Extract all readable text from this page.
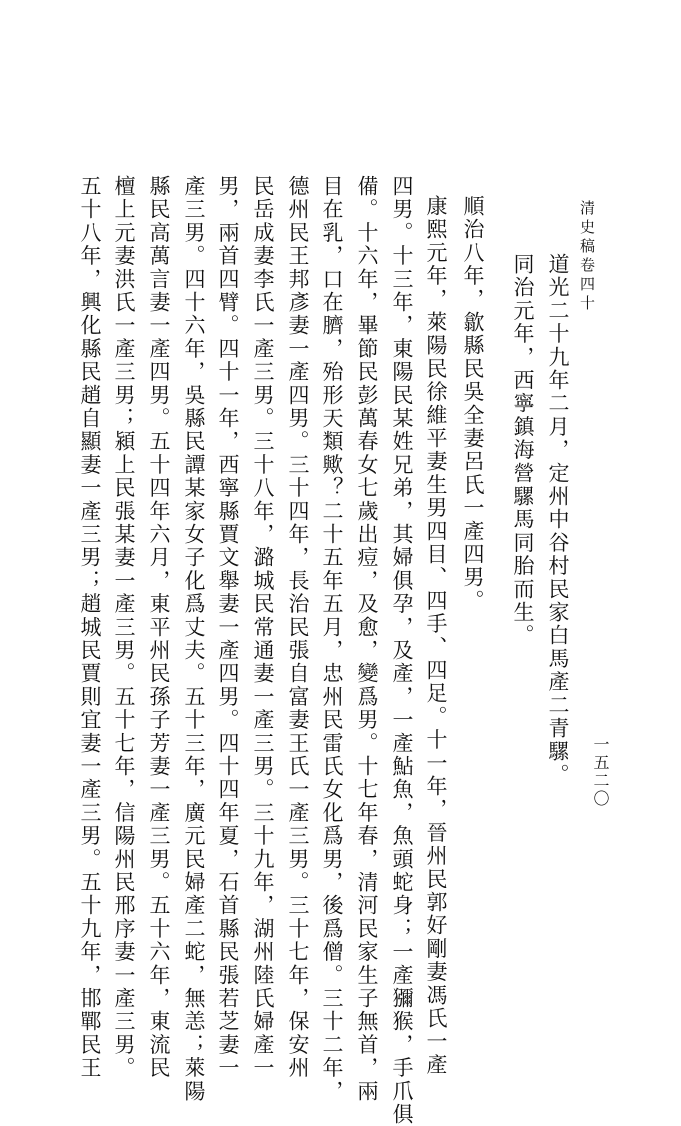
清史稿卷四十
一五二〇
道光二十九年二月，定州中谷村民家白馬產二青騾。
同治元年，西寧鎮海營騾馬同胎而生。
順治八年，歙縣民吳全妻呂氏一產四男。
康熙元年，萊陽民徐維平妻生男四目、四手、四足。十一年，晉州民郭好剛妻馮氏一產
四男。十三年，東陽民某姓兄弟，其婦俱孕，及產，一產鮎魚，魚頭蛇身；一產獼猴，手爪俱
備。十六年，畢節民彭萬春女七歲出痘，及愈，變爲男。十七年春，清河民家生子無首，兩
目在乳，口在臍，殆形天類歟？二十五年五月，忠州民雷氏女化爲男，後爲僧。三十二年，
德州民王邦彥妻一產四男。三十四年，長治民張自富妻王氏一產三男。三十七年，保安州
民岳成妻李氏一產三男。三十八年，潞城民常通妻一產三男。三十九年，湖州陸氏婦產一
男，兩首四臂。四十一年，西寧縣賈文舉妻一產四男。四十四年夏，石首縣民張若芝妻一
產三男。四十六年，吳縣民譚某家女子化爲丈夫。五十三年，廣元民婦產二蛇，無恙；萊陽
縣民高萬言妻一產四男。五十四年六月，東平州民孫子芳妻一產三男。五十六年，東流民
檀上元妻洪氏一產三男；潁上民張某妻一產三男。五十七年，信陽州民邢序妻一產三男。
五十八年，興化縣民趙自顯妻一產三男；趙城民賈則宜妻一產三男。五十九年，邯鄲民王
